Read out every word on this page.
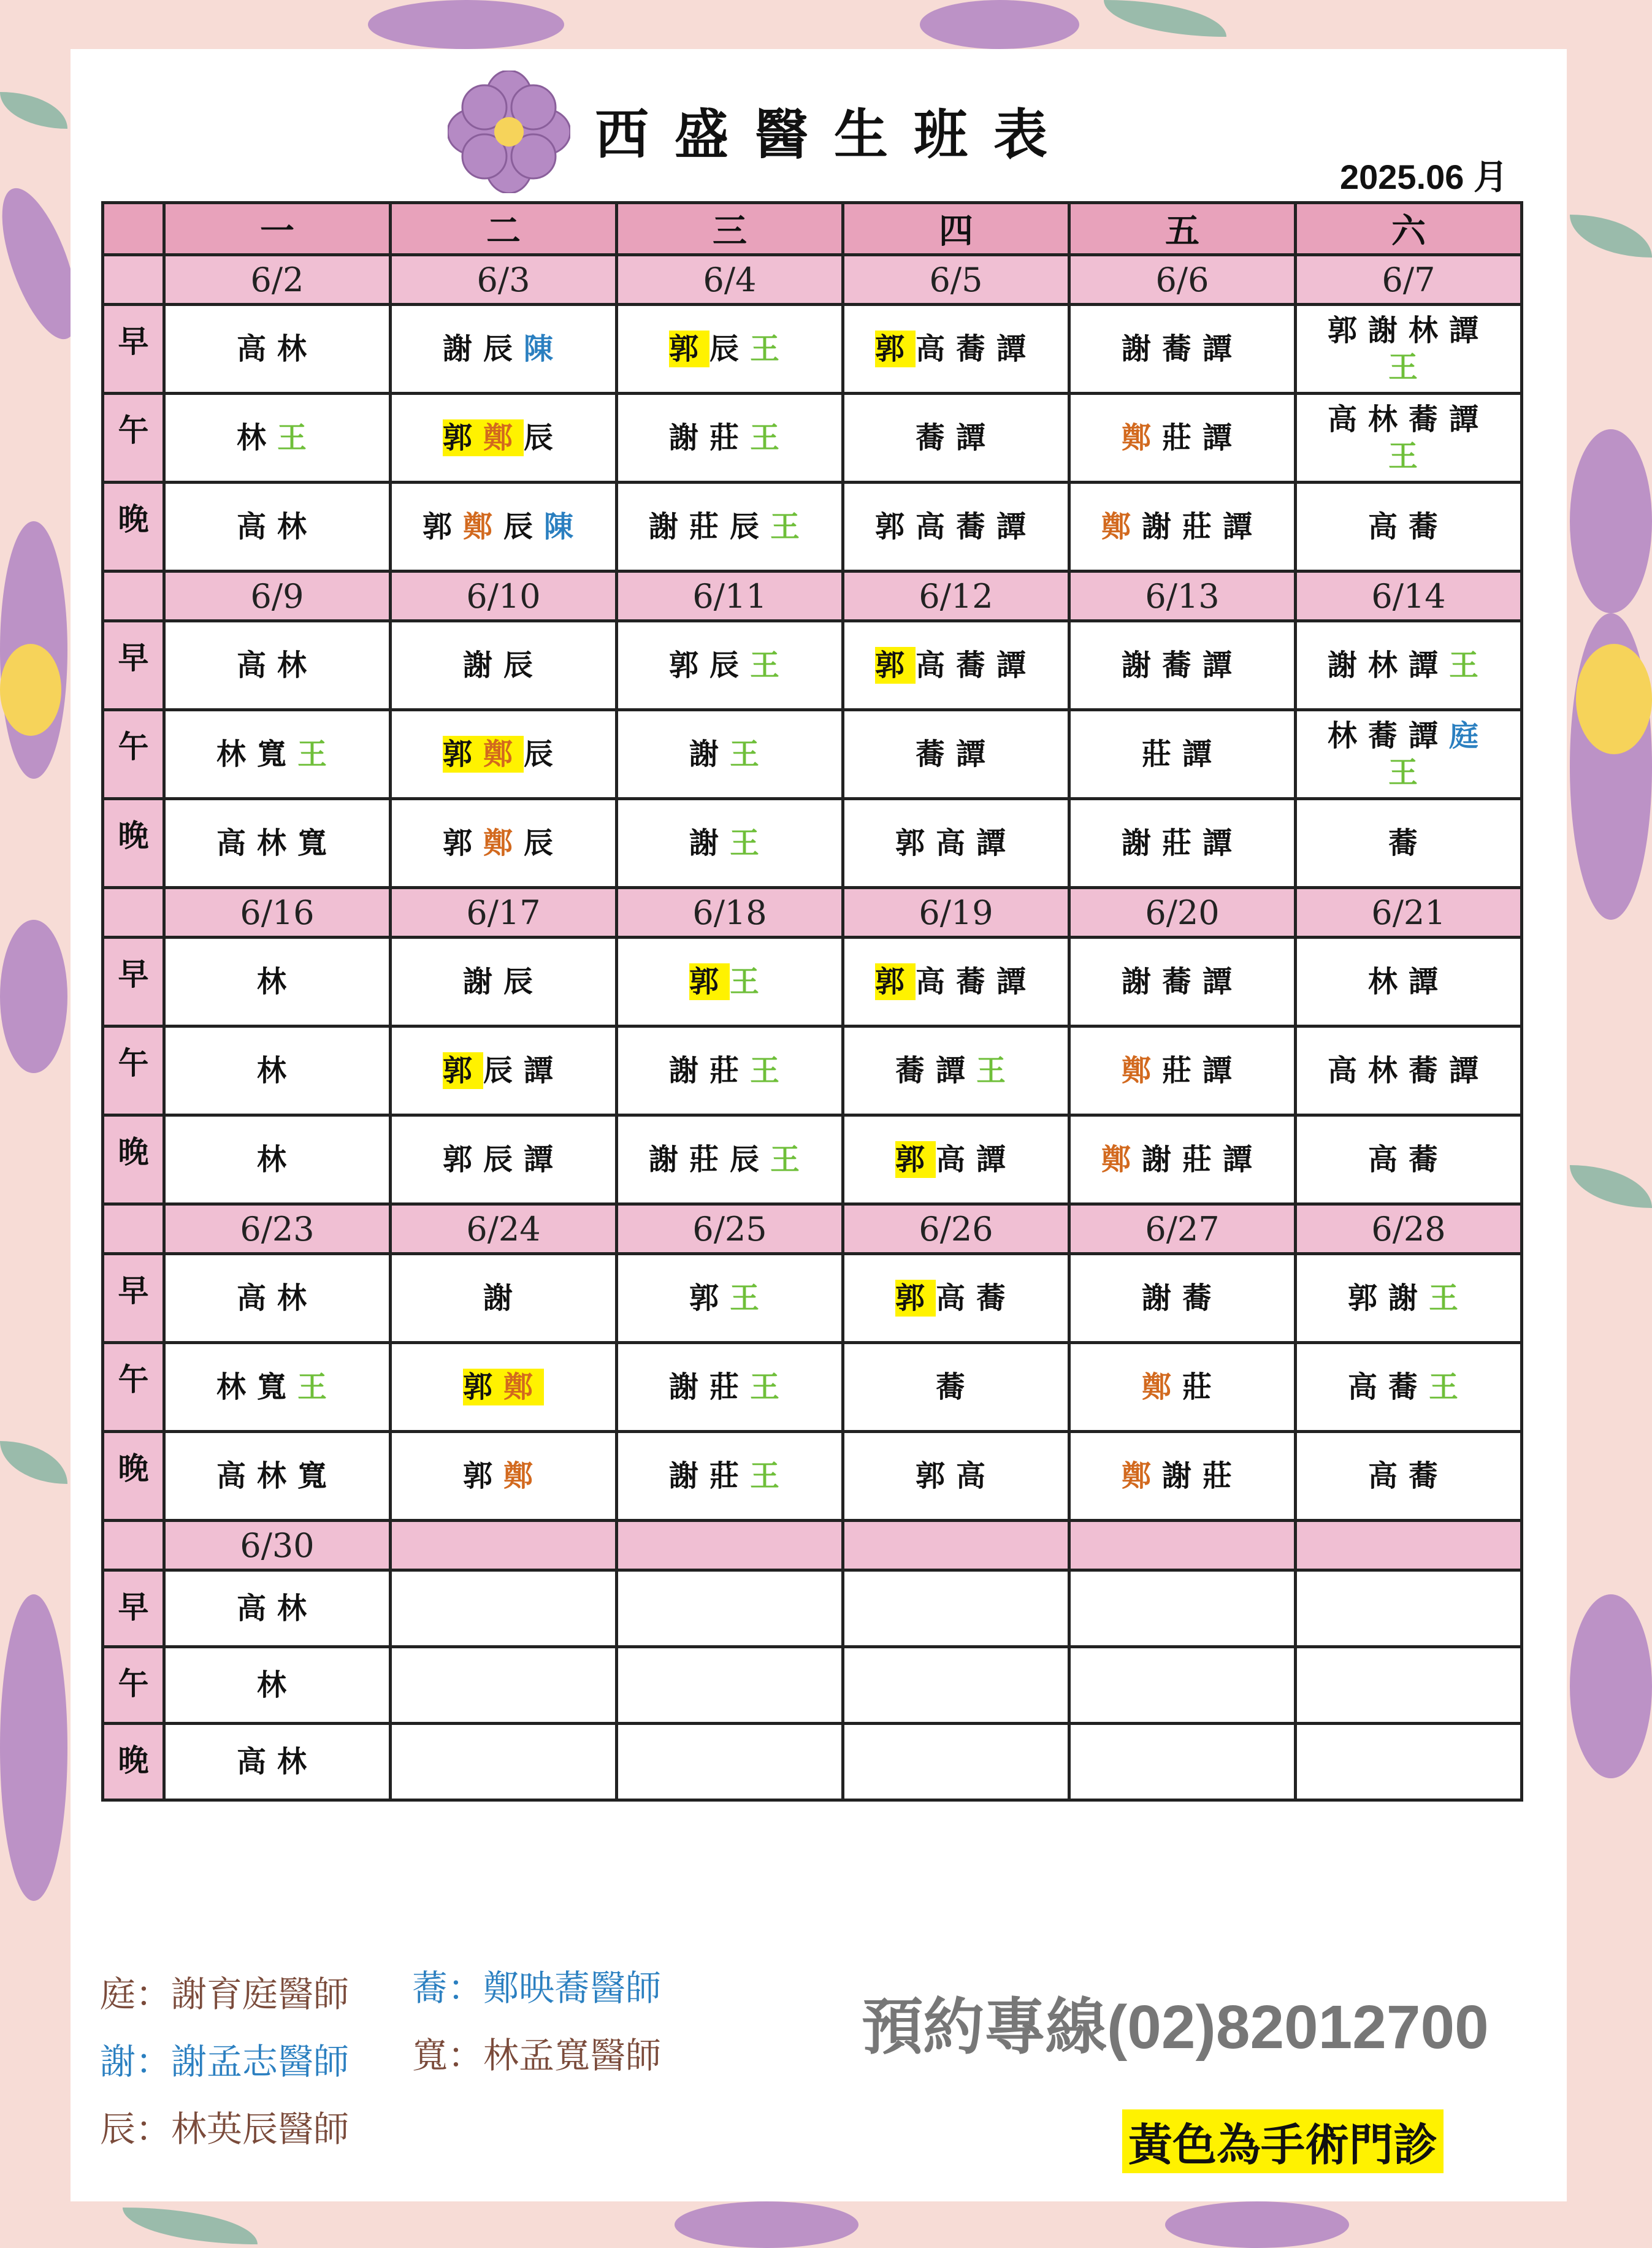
西盛醫生班表
2025.06 月
	一	二	三	四	五	六
	6/2	6/3	6/4	6/5	6/6	6/7
早	高林	謝辰陳	郭辰王	郭高蕎譚	謝蕎譚	郭謝林譚
王
午	林王	郭鄭辰	謝莊王	蕎譚	鄭莊譚	高林蕎譚
王
晚	高林	郭鄭辰陳	謝莊辰王	郭高蕎譚	鄭謝莊譚	高蕎
	6/9	6/10	6/11	6/12	6/13	6/14
早	高林	謝辰	郭辰王	郭高蕎譚	謝蕎譚	謝林譚王
午	林寬王	郭鄭辰	謝王	蕎譚	莊譚	林蕎譚庭
王
晚	高林寬	郭鄭辰	謝王	郭高譚	謝莊譚	蕎
	6/16	6/17	6/18	6/19	6/20	6/21
早	林	謝辰	郭王	郭高蕎譚	謝蕎譚	林譚
午	林	郭辰譚	謝莊王	蕎譚王	鄭莊譚	高林蕎譚
晚	林	郭辰譚	謝莊辰王	郭高譚	鄭謝莊譚	高蕎
	6/23	6/24	6/25	6/26	6/27	6/28
早	高林	謝	郭王	郭高蕎	謝蕎	郭謝王
午	林寬王	郭鄭	謝莊王	蕎	鄭莊	高蕎王
晚	高林寬	郭鄭	謝莊王	郭高	鄭謝莊	高蕎
	6/30					
早	高林					
午	林					
晚	高林					
庭：謝育庭醫師
謝：謝孟志醫師
辰：林英辰醫師
蕎：鄭映蕎醫師
寬：林孟寬醫師	預約專線(02)82012700
黃色為手術門診
